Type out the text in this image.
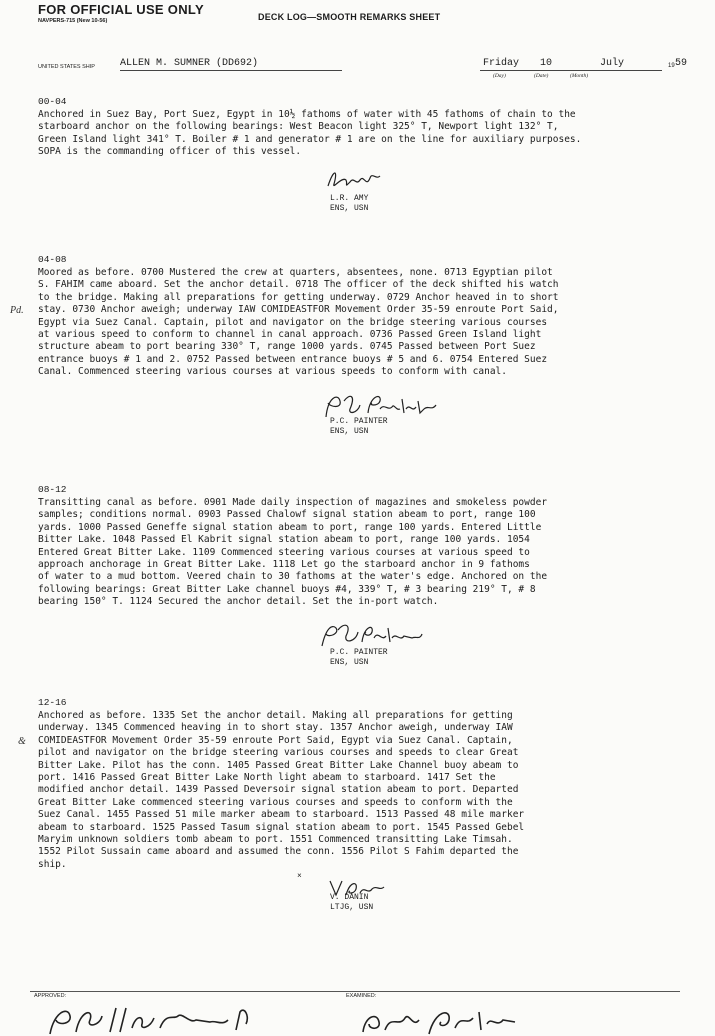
FOR OFFICIAL USE ONLY
NAVPERS-715 (New 10-56)	DECK LOG—SMOOTH REMARKS SHEET
UNITED STATES SHIP	ALLEN M. SUMNER (DD692)	Friday 10	July	19 59
(Day)	(Date)	(Month)
00-04
Anchored in Suez Bay, Port Suez, Egypt in 10½ fathoms of water with 45 fathoms of chain to the
starboard anchor on the following bearings: West Beacon light 325° T, Newport light 132° T,
Green Island light 341° T. Boiler # 1 and generator # 1 are on the line for auxiliary purposes.
SOPA is the commanding officer of this vessel.
L.R. AMY
ENS, USN
04-08
Moored as before. 0700 Mustered the crew at quarters, absentees, none. 0713 Egyptian pilot
S. FAHIM came aboard. Set the anchor detail. 0718 The officer of the deck shifted his watch
to the bridge. Making all preparations for getting underway. 0729 Anchor heaved in to short
stay. 0730 Anchor aweigh; underway IAW COMIDEASTFOR Movement Order 35-59 enroute Port Said,
Egypt via Suez Canal. Captain, pilot and navigator on the bridge steering various courses
at various speed to conform to channel in canal approach. 0736 Passed Green Island light
structure abeam to port bearing 330° T, range 1000 yards. 0745 Passed between Port Suez
entrance buoys # 1 and 2. 0752 Passed between entrance buoys # 5 and 6. 0754 Entered Suez
Canal. Commenced steering various courses at various speeds to conform with canal.
Pd.
P.C. PAINTER
ENS, USN
08-12
Transitting canal as before. 0901 Made daily inspection of magazines and smokeless powder
samples; conditions normal. 0903 Passed Chalowf signal station abeam to port, range 100
yards. 1000 Passed Geneffe signal station abeam to port, range 100 yards. Entered Little
Bitter Lake. 1048 Passed El Kabrit signal station abeam to port, range 100 yards. 1054
Entered Great Bitter Lake. 1109 Commenced steering various courses at various speed to
approach anchorage in Great Bitter Lake. 1118 Let go the starboard anchor in 9 fathoms
of water to a mud bottom. Veered chain to 30 fathoms at the water's edge. Anchored on the
following bearings: Great Bitter Lake channel buoys #4, 339° T, # 3 bearing 219° T, # 8
bearing 150° T. 1124 Secured the anchor detail. Set the in-port watch.
P.C. PAINTER
ENS, USN
12-16
Anchored as before. 1335 Set the anchor detail. Making all preparations for getting
underway. 1345 Commenced heaving in to short stay. 1357 Anchor aweigh, underway IAW
COMIDEASTFOR Movement Order 35-59 enroute Port Said, Egypt via Suez Canal. Captain,
pilot and navigator on the bridge steering various courses and speeds to clear Great
Bitter Lake. Pilot has the conn. 1405 Passed Great Bitter Lake Channel buoy abeam to
port. 1416 Passed Great Bitter Lake North light abeam to starboard. 1417 Set the
modified anchor detail. 1439 Passed Deversoir signal station abeam to port. Departed
Great Bitter Lake commenced steering various courses and speeds to conform with the
Suez Canal. 1455 Passed 51 mile marker abeam to starboard. 1513 Passed 48 mile marker
abeam to starboard. 1525 Passed Tasum signal station abeam to port. 1545 Passed Gebel
Maryim unknown soldiers tomb abeam to port. 1551 Commenced transitting Lake Timsah.
1552 Pilot Sussain came aboard and assumed the conn. 1556 Pilot S Fahim departed the
ship.
&
×
V. DANIN
LTJG, USN
APPROVED:	EXAMINED:
